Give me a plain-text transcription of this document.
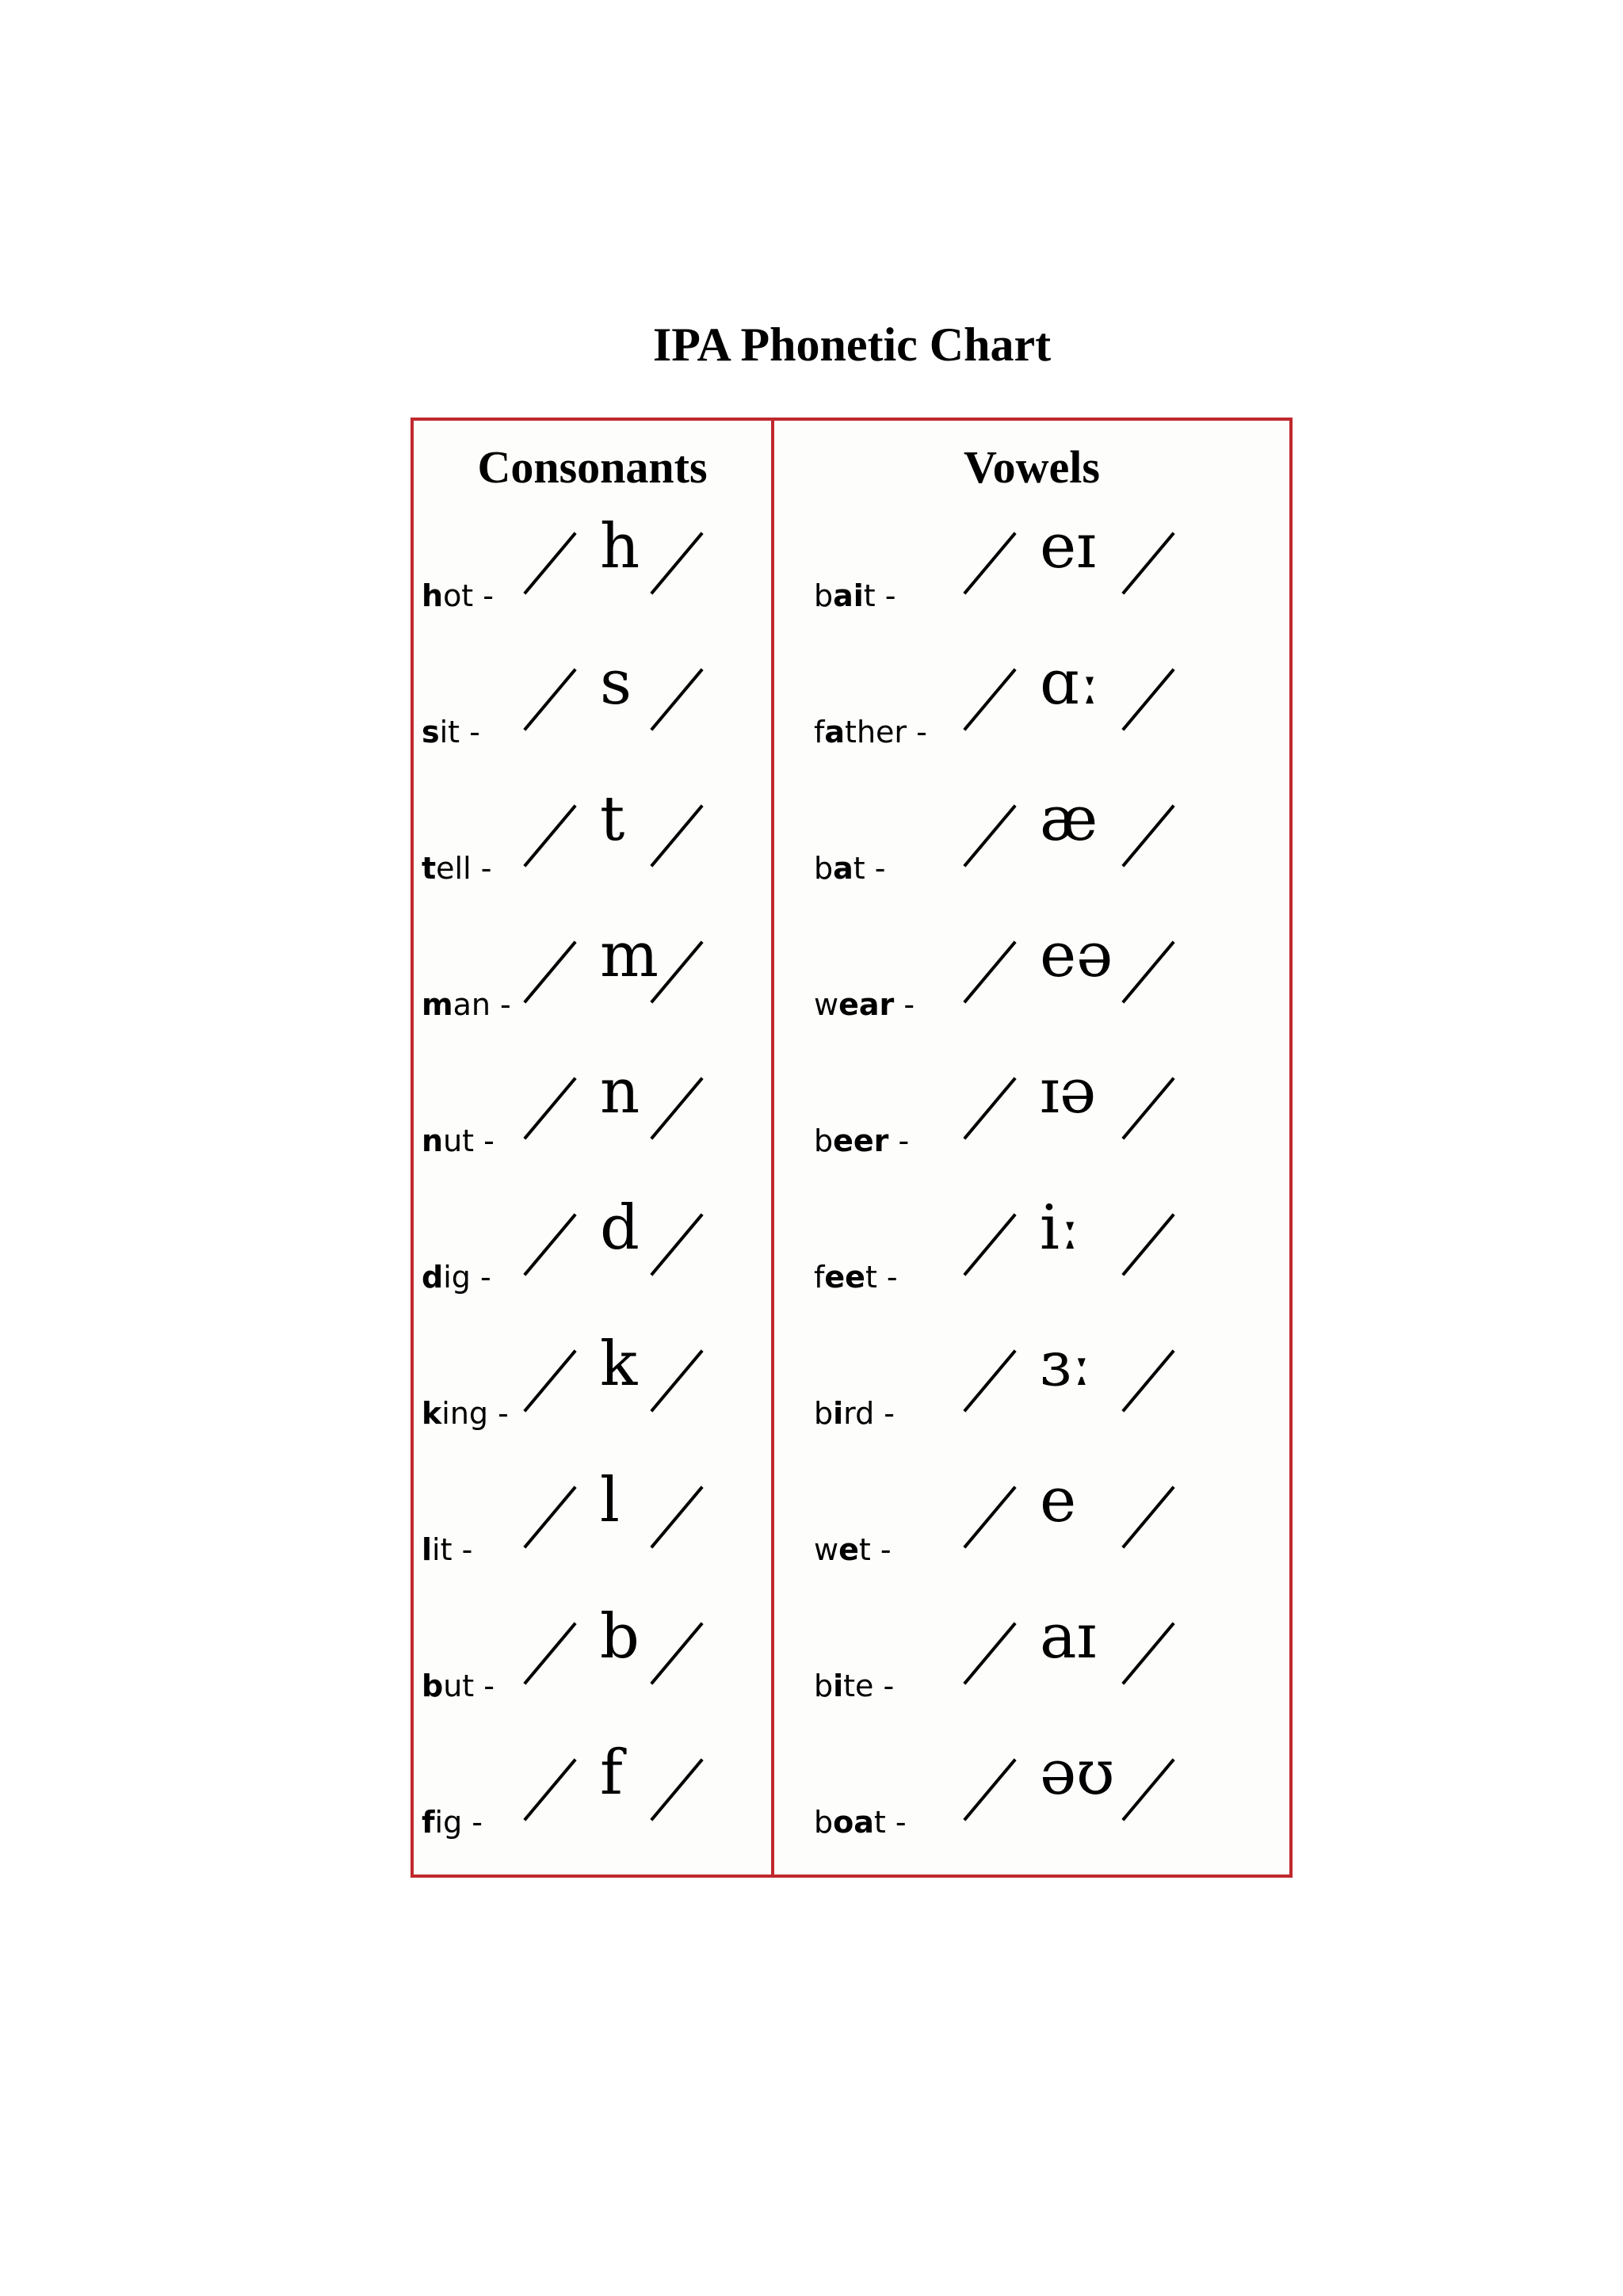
IPA Phonetic Chart
Consonants	Vowels
hot -
h
sit -
s
tell -
t
man -
m
nut -
n
dig -
d
king -
k
lit -
l
but -
b
fig -
f
bait -
eɪ
father -
ɑː
bat -
æ
wear -
eə
beer -
ɪə
feet -
iː
bird -
ɜː
wet -
e
bite -
aɪ
boat -
əʊ
